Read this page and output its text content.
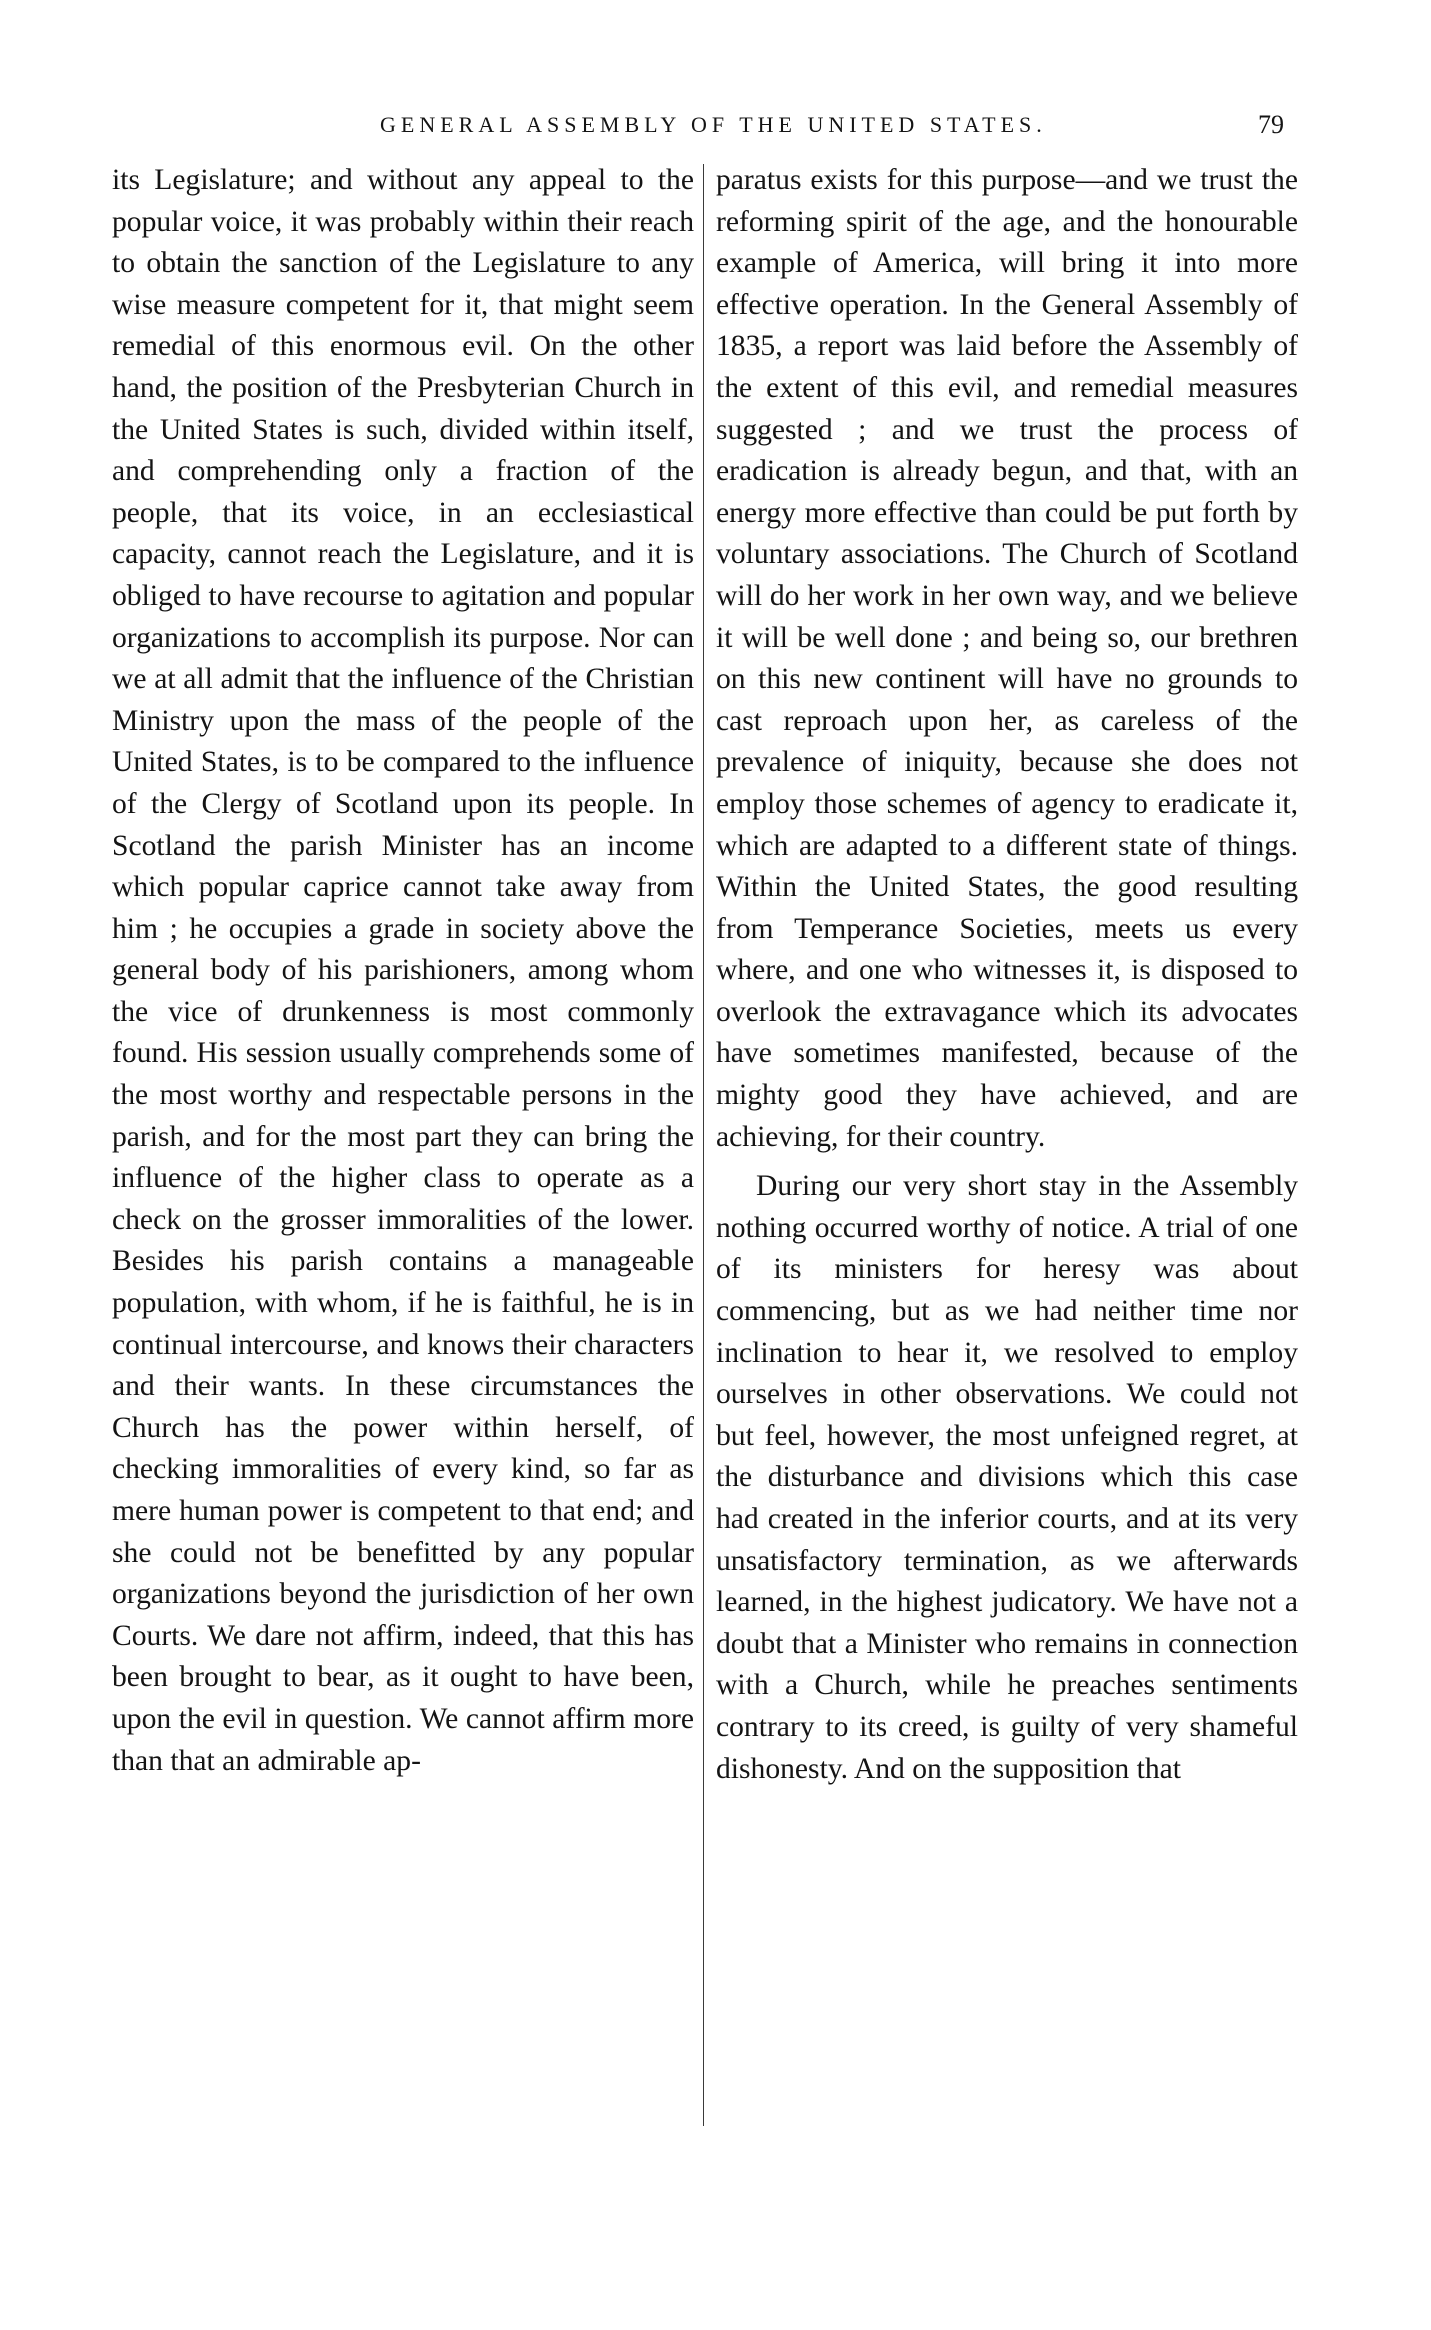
GENERAL ASSEMBLY OF THE UNITED STATES.	79

its Legislature; and without any appeal to the popular voice, it was probably within their reach to obtain the sanction of the Legislature to any wise measure competent for it, that might seem remedial of this enormous evil. On the other hand, the position of the Presbyterian Church in the United States is such, divided within itself, and comprehending only a fraction of the people, that its voice, in an ecclesiastical capacity, cannot reach the Legislature, and it is obliged to have recourse to agitation and popular organizations to accomplish its purpose. Nor can we at all admit that the influence of the Christian Ministry upon the mass of the people of the United States, is to be compared to the influence of the Clergy of Scotland upon its people. In Scotland the parish Minister has an income which popular caprice cannot take away from him ; he occupies a grade in society above the general body of his parishioners, among whom the vice of drunkenness is most commonly found. His session usually comprehends some of the most worthy and respectable persons in the parish, and for the most part they can bring the influence of the higher class to operate as a check on the grosser immoralities of the lower. Besides his parish contains a manageable population, with whom, if he is faithful, he is in continual intercourse, and knows their characters and their wants. In these circumstances the Church has the power within herself, of checking immoralities of every kind, so far as mere human power is competent to that end; and she could not be benefitted by any popular organizations beyond the jurisdiction of her own Courts. We dare not affirm, indeed, that this has been brought to bear, as it ought to have been, upon the evil in question. We cannot affirm more than that an admirable ap-

paratus exists for this purpose—and we trust the reforming spirit of the age, and the honourable example of America, will bring it into more effective operation. In the General Assembly of 1835, a report was laid before the Assembly of the extent of this evil, and remedial measures suggested ; and we trust the process of eradication is already begun, and that, with an energy more effective than could be put forth by voluntary associations. The Church of Scotland will do her work in her own way, and we believe it will be well done ; and being so, our brethren on this new continent will have no grounds to cast reproach upon her, as careless of the prevalence of iniquity, because she does not employ those schemes of agency to eradicate it, which are adapted to a different state of things. Within the United States, the good resulting from Temperance Societies, meets us every where, and one who witnesses it, is disposed to overlook the extravagance which its advocates have sometimes manifested, because of the mighty good they have achieved, and are achieving, for their country.

During our very short stay in the Assembly nothing occurred worthy of notice. A trial of one of its ministers for heresy was about commencing, but as we had neither time nor inclination to hear it, we resolved to employ ourselves in other observations. We could not but feel, however, the most unfeigned regret, at the disturbance and divisions which this case had created in the inferior courts, and at its very unsatisfactory termination, as we afterwards learned, in the highest judicatory. We have not a doubt that a Minister who remains in connection with a Church, while he preaches sentiments contrary to its creed, is guilty of very shameful dishonesty. And on the supposition that
